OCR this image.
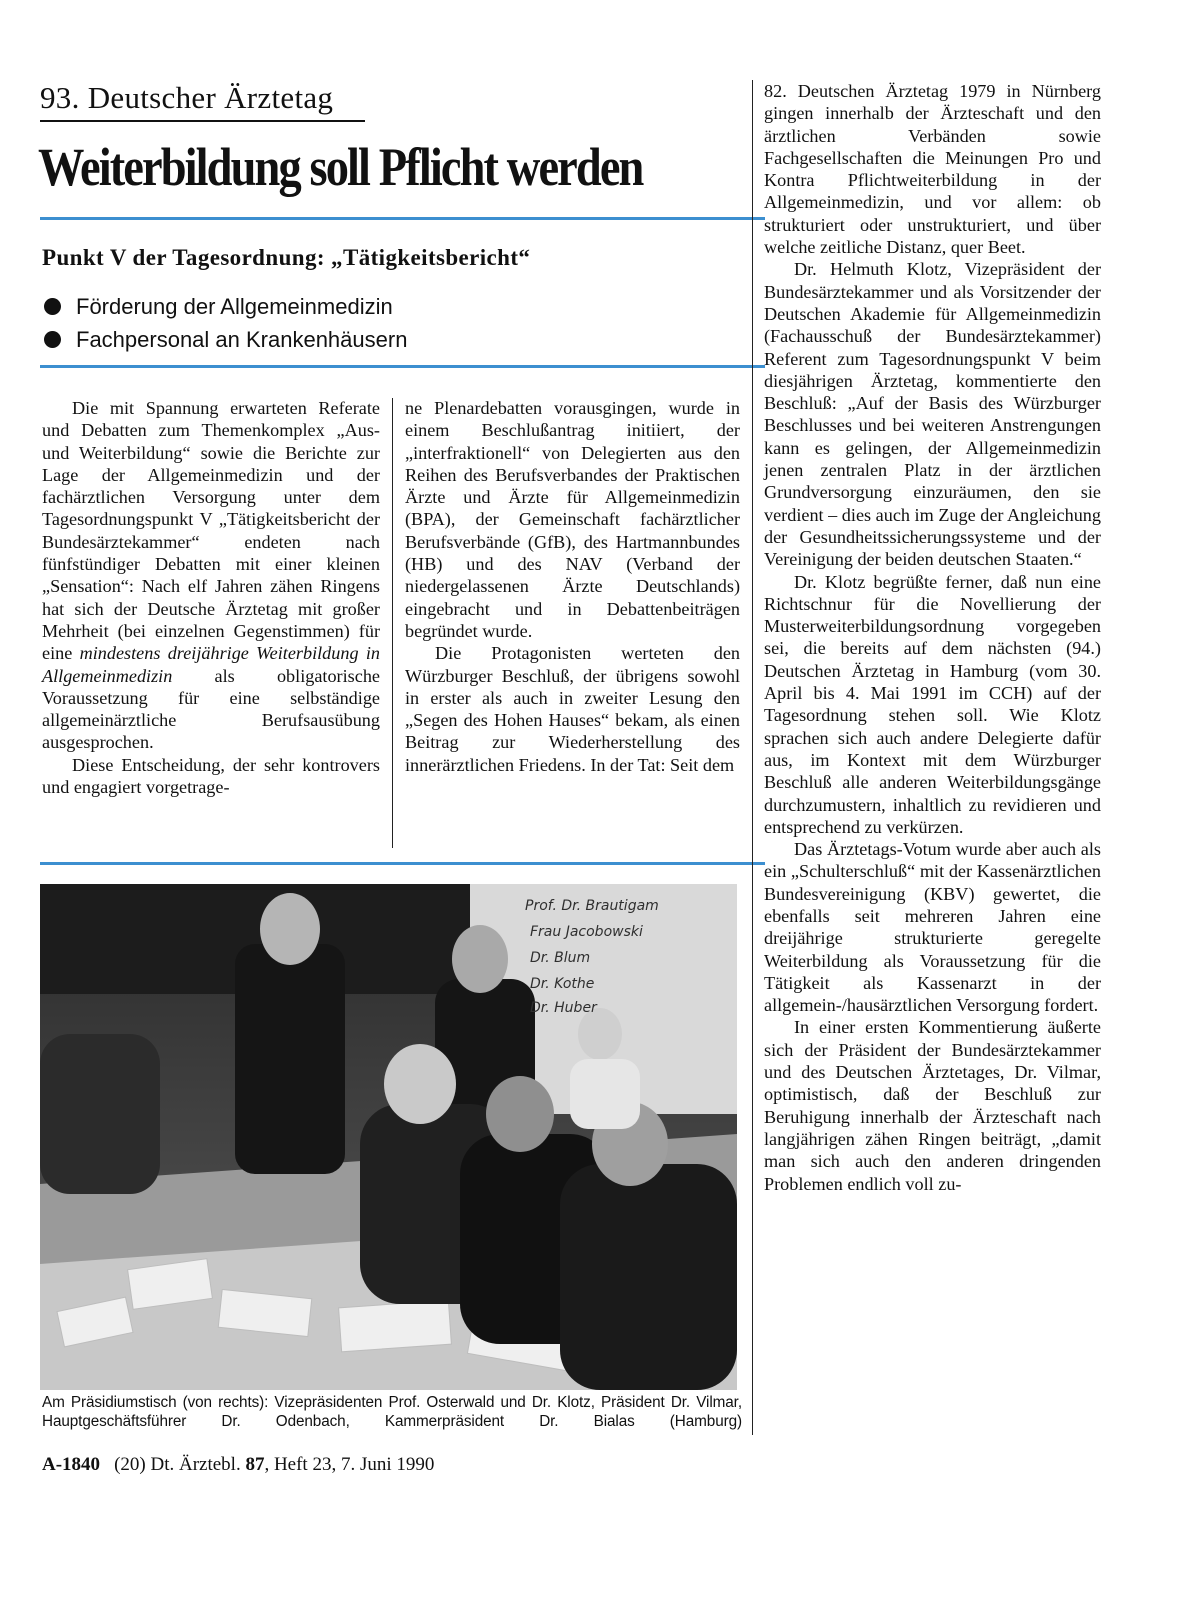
93. Deutscher Ärztetag
Weiterbildung soll Pflicht werden
Punkt V der Tagesordnung: „Tätigkeitsbericht“
Förderung der Allgemeinmedizin
Fachpersonal an Krankenhäusern

Die mit Spannung erwarteten Referate und Debatten zum Themenkomplex „Aus- und Weiterbildung“ sowie die Berichte zur Lage der Allgemeinmedizin und der fachärztlichen Versorgung unter dem Tagesordnungspunkt V „Tätigkeitsbericht der Bundesärztekammer“ endeten nach fünfstündiger Debatten mit einer kleinen „Sensation“: Nach elf Jahren zähen Ringens hat sich der Deutsche Ärztetag mit großer Mehrheit (bei einzelnen Gegenstimmen) für eine mindestens dreijährige Weiterbildung in Allgemeinmedizin als obligatorische Voraussetzung für eine selbständige allgemeinärztliche Berufsausübung ausgesprochen.

Diese Entscheidung, der sehr kontrovers und engagiert vorgetrage-

ne Plenardebatten vorausgingen, wurde in einem Beschlußantrag initiiert, der „interfraktionell“ von Delegierten aus den Reihen des Berufsverbandes der Praktischen Ärzte und Ärzte für Allgemeinmedizin (BPA), der Gemeinschaft fachärztlicher Berufsverbände (GfB), des Hartmannbundes (HB) und des NAV (Verband der niedergelassenen Ärzte Deutschlands) eingebracht und in Debattenbeiträgen begründet wurde.

Die Protagonisten werteten den Würzburger Beschluß, der übrigens sowohl in erster als auch in zweiter Lesung den „Segen des Hohen Hauses“ bekam, als einen Beitrag zur Wiederherstellung des innerärztlichen Friedens. In der Tat: Seit dem

Prof. Dr. Brautigam
Frau Jacobowski
Dr. Blum
Dr. Kothe
Dr. Huber
Am Präsidiumstisch (von rechts): Vizepräsidenten Prof. Osterwald und Dr. Klotz, Präsident Dr. Vilmar, Hauptgeschäftsführer Dr. Odenbach, Kammerpräsident Dr. Bialas (Hamburg)

82. Deutschen Ärztetag 1979 in Nürnberg gingen innerhalb der Ärzteschaft und den ärztlichen Verbänden sowie Fachgesellschaften die Meinungen Pro und Kontra Pflichtweiterbildung in der Allgemeinmedizin, und vor allem: ob strukturiert oder unstrukturiert, und über welche zeitliche Distanz, quer Beet.

Dr. Helmuth Klotz, Vizepräsident der Bundesärztekammer und als Vorsitzender der Deutschen Akademie für Allgemeinmedizin (Fachausschuß der Bundesärztekammer) Referent zum Tagesordnungspunkt V beim diesjährigen Ärztetag, kommentierte den Beschluß: „Auf der Basis des Würzburger Beschlusses und bei weiteren Anstrengungen kann es gelingen, der Allgemeinmedizin jenen zentralen Platz in der ärztlichen Grundversorgung einzuräumen, den sie verdient – dies auch im Zuge der Angleichung der Gesundheitssicherungssysteme und der Vereinigung der beiden deutschen Staaten.“

Dr. Klotz begrüßte ferner, daß nun eine Richtschnur für die Novellierung der Musterweiterbildungsordnung vorgegeben sei, die bereits auf dem nächsten (94.) Deutschen Ärztetag in Hamburg (vom 30. April bis 4. Mai 1991 im CCH) auf der Tagesordnung stehen soll. Wie Klotz sprachen sich auch andere Delegierte dafür aus, im Kontext mit dem Würzburger Beschluß alle anderen Weiterbildungsgänge durchzumustern, inhaltlich zu revidieren und entsprechend zu verkürzen.

Das Ärztetags-Votum wurde aber auch als ein „Schulterschluß“ mit der Kassenärztlichen Bundesvereinigung (KBV) gewertet, die ebenfalls seit mehreren Jahren eine dreijährige strukturierte geregelte Weiterbildung als Voraussetzung für die Tätigkeit als Kassenarzt in der allgemein-/hausärztlichen Versorgung fordert.

In einer ersten Kommentierung äußerte sich der Präsident der Bundesärztekammer und des Deutschen Ärztetages, Dr. Vilmar, optimistisch, daß der Beschluß zur Beruhigung innerhalb der Ärzteschaft nach langjährigen zähen Ringen beiträgt, „damit man sich auch den anderen dringenden Problemen endlich voll zu-

A-1840 (20) Dt. Ärztebl. 87, Heft 23, 7. Juni 1990
